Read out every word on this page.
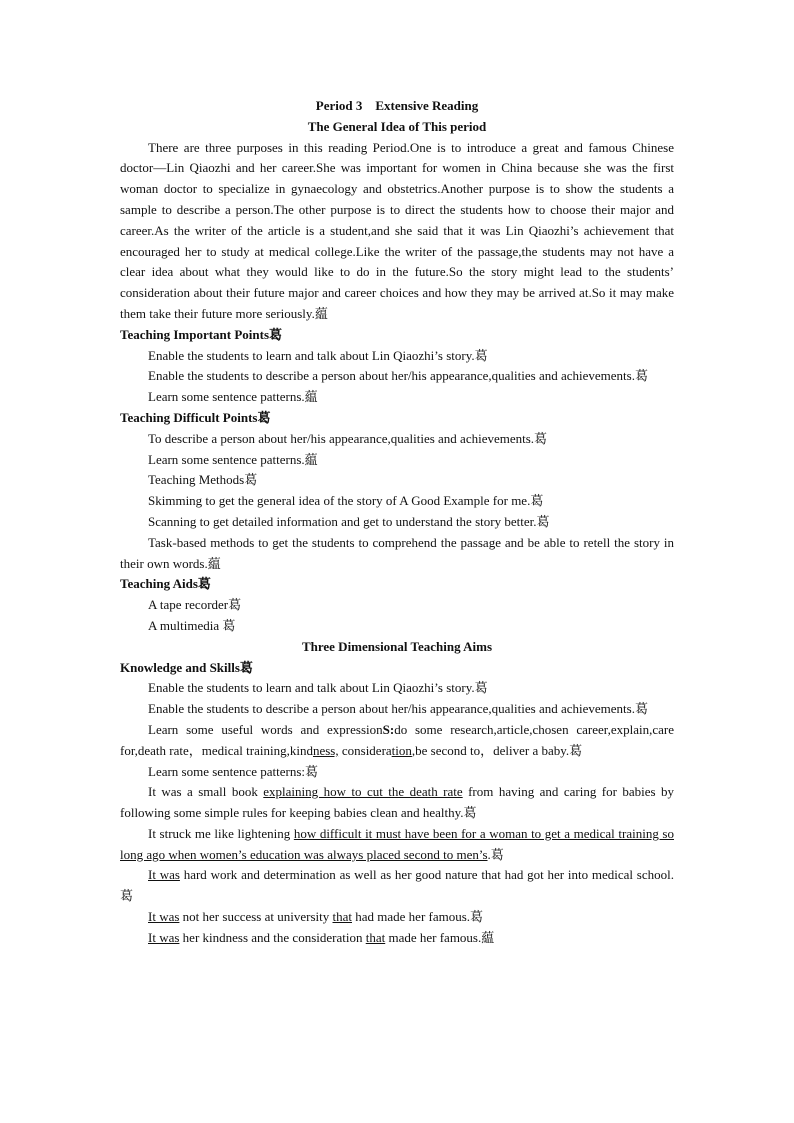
Period 3　Extensive Reading

The General Idea of This period

There are three purposes in this reading Period.One is to introduce a great and famous Chinese doctor—Lin Qiaozhi and her career.She was important for women in China because she was the first woman doctor to specialize in gynaecology and obstetrics.Another purpose is to show the students a sample to describe a person.The other purpose is to direct the students how to choose their major and career.As the writer of the article is a student,and she said that it was Lin Qiaozhi’s achievement that encouraged her to study at medical college.Like the writer of the passage,the students may not have a clear idea about what they would like to do in the future.So the story might lead to the students’ consideration about their future major and career choices and how they may be arrived at.So it may make them take their future more seriously.藴

Teaching Important Points葛

Enable the students to learn and talk about Lin Qiaozhi’s story.葛

Enable the students to describe a person about her/his appearance,qualities and achievements.葛

Learn some sentence patterns.藴

Teaching Difficult Points葛

To describe a person about her/his appearance,qualities and achievements.葛

Learn some sentence patterns.藴

Teaching Methods葛

Skimming to get the general idea of the story of A Good Example for me.葛

Scanning to get detailed information and get to understand the story better.葛

Task-based methods to get the students to comprehend the passage and be able to retell the story in their own words.藴

Teaching Aids葛

A tape recorder葛

A multimedia 葛

Three Dimensional Teaching Aims

Knowledge and Skills葛

Enable the students to learn and talk about Lin Qiaozhi’s story.葛

Enable the students to describe a person about her/his appearance,qualities and achievements.葛

Learn some useful words and expressionS:do some research,article,chosen career,explain,care for,death rate，medical training,kindness, consideration,be second to，deliver a baby.葛

Learn some sentence patterns:葛

It was a small book explaining how to cut the death rate from having and caring for babies by following some simple rules for keeping babies clean and healthy.葛

It struck me like lightening how difficult it must have been for a woman to get a medical training so long ago when women’s education was always placed second to men’s.葛

It was hard work and determination as well as her good nature that had got her into medical school.葛

It was not her success at university that had made her famous.葛

It was her kindness and the consideration that made her famous.藴
